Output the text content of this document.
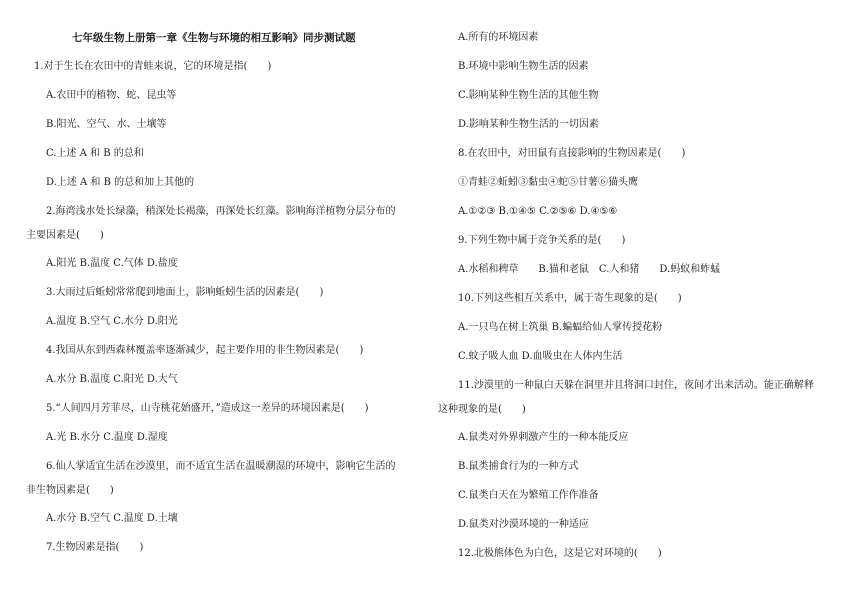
七年级生物上册第一章《生物与环境的相互影响》同步测试题
1.对于生长在农田中的青蛙来说，它的环境是指(　　)
A.农田中的植物、蛇、昆虫等
B.阳光、空气、水、土壤等
C.上述 A 和 B 的总和
D.上述 A 和 B 的总和加上其他的
2.海湾浅水处长绿藻，稍深处长褐藻，再深处长红藻。影响海洋植物分层分布的
主要因素是(　　)
A.阳光 B.温度 C.气体 D.盐度
3.大雨过后蚯蚓常常爬到地面上，影响蚯蚓生活的因素是(　　)
A.温度 B.空气 C.水分 D.阳光
4.我国从东到西森林覆盖率逐渐减少，起主要作用的非生物因素是(　　)
A.水分 B.温度 C.阳光 D.大气
5.“人间四月芳菲尽，山寺桃花始盛开，”造成这一差异的环境因素是(　　)
A.光 B.水分 C.温度 D.湿度
6.仙人掌适宜生活在沙漠里，而不适宜生活在温暖潮湿的环境中，影响它生活的
非生物因素是(　　)
A.水分 B.空气 C.温度 D.土壤
7.生物因素是指(　　)
A.所有的环境因素
B.环境中影响生物生活的因素
C.影响某种生物生活的其他生物
D.影响某种生物生活的一切因素
8.在农田中，对田鼠有直接影响的生物因素是(　　)
①青蛙②蚯蚓③黏虫④蛇⑤甘薯⑥猫头鹰
A.①②③ B.①④⑤ C.②⑤⑥ D.④⑤⑥
9.下列生物中属于竞争关系的是(　　)
A.水稻和稗草　　B.猫和老鼠　C.人和猪　　D.蚂蚁和蚱蜢
10.下列这些相互关系中，属于寄生现象的是(　　)
A.一只鸟在树上筑巢 B.蝙蝠给仙人掌传授花粉
C.蚊子吸人血 D.血吸虫在人体内生活
11.沙漠里的一种鼠白天躲在洞里并且将洞口封住，夜间才出来活动。能正确解释
这种现象的是(　　)
A.鼠类对外界刺激产生的一种本能反应
B.鼠类捕食行为的一种方式
C.鼠类白天在为繁殖工作作准备
D.鼠类对沙漠环境的一种适应
12.北极熊体色为白色，这是它对环境的(　　)
